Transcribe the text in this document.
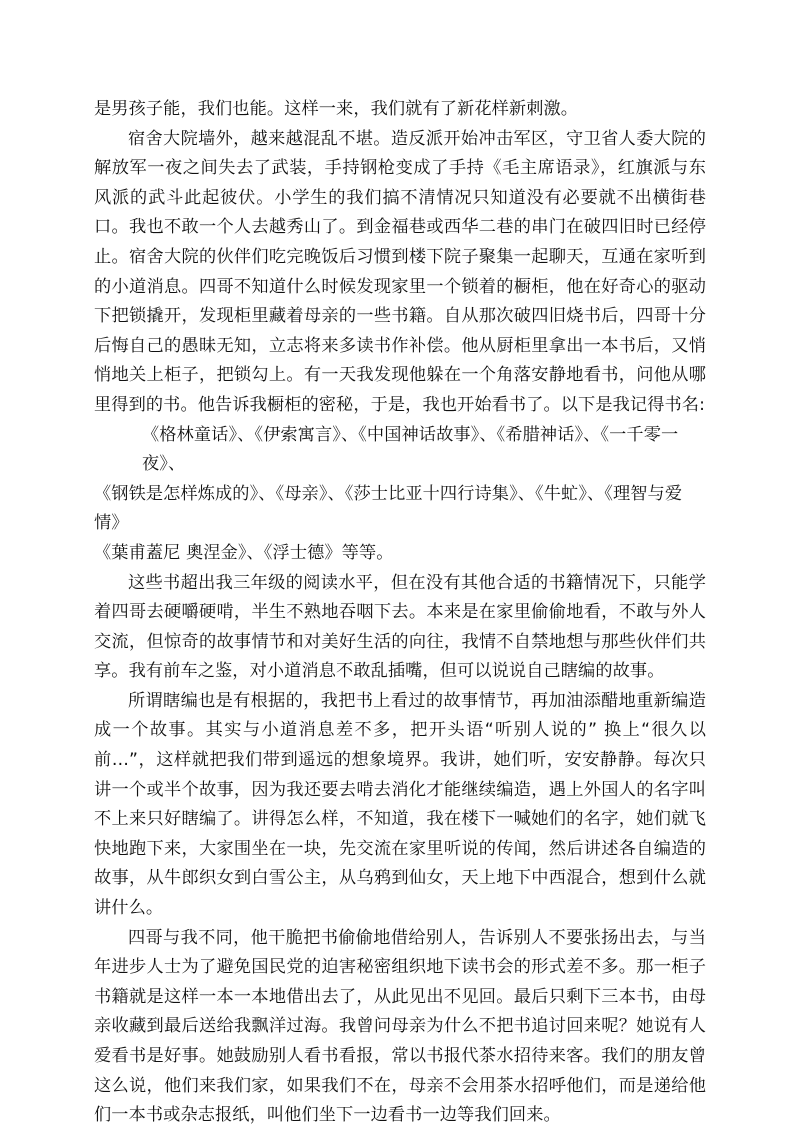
是男孩子能，我们也能。这样一来，我们就有了新花样新刺激。

宿舍大院墙外，越来越混乱不堪。造反派开始冲击军区，守卫省人委大院的解放军一夜之间失去了武装，手持钢枪变成了手持《毛主席语录》，红旗派与东风派的武斗此起彼伏。小学生的我们搞不清情况只知道没有必要就不出横街巷口。我也不敢一个人去越秀山了。到金福巷或西华二巷的串门在破四旧时已经停止。宿舍大院的伙伴们吃完晚饭后习惯到楼下院子聚集一起聊天，互通在家听到的小道消息。四哥不知道什么时候发现家里一个锁着的橱柜，他在好奇心的驱动下把锁撬开，发现柜里藏着母亲的一些书籍。自从那次破四旧烧书后，四哥十分后悔自己的愚昧无知，立志将来多读书作补偿。他从厨柜里拿出一本书后，又悄悄地关上柜子，把锁勾上。有一天我发现他躲在一个角落安静地看书，问他从哪里得到的书。他告诉我橱柜的密秘，于是，我也开始看书了。以下是我记得书名:

《格林童话》、《伊索寓言》、《中国神话故事》、《希腊神话》、《一千零一夜》、

《钢铁是怎样炼成的》、《母亲》、《莎士比亚十四行诗集》、《牛虻》、《理智与爱情》

《葉甫蓋尼 奧涅金》、《浮士德》等等。

这些书超出我三年级的阅读水平，但在没有其他合适的书籍情况下，只能学着四哥去硬嚼硬啃，半生不熟地吞咽下去。本来是在家里偷偷地看，不敢与外人交流，但惊奇的故事情节和对美好生活的向往，我情不自禁地想与那些伙伴们共享。我有前车之鉴，对小道消息不敢乱插嘴，但可以说说自己瞎编的故事。

所谓瞎编也是有根据的，我把书上看过的故事情节，再加油添醋地重新编造成一个故事。其实与小道消息差不多，把开头语“听别人说的” 换上“很久以前…”，这样就把我们带到遥远的想象境界。我讲，她们听，安安静静。每次只讲一个或半个故事，因为我还要去啃去消化才能继续编造，遇上外国人的名字叫不上来只好瞎编了。讲得怎么样，不知道，我在楼下一喊她们的名字，她们就飞快地跑下来，大家围坐在一块，先交流在家里听说的传闻，然后讲述各自编造的故事，从牛郎织女到白雪公主，从乌鸦到仙女，天上地下中西混合，想到什么就讲什么。

四哥与我不同，他干脆把书偷偷地借给别人，告诉别人不要张扬出去，与当年进步人士为了避免国民党的迫害秘密组织地下读书会的形式差不多。那一柜子书籍就是这样一本一本地借出去了，从此见出不见回。最后只剩下三本书，由母亲收藏到最后送给我飘洋过海。我曾问母亲为什么不把书追讨回来呢？她说有人爱看书是好事。她鼓励别人看书看报，常以书报代茶水招待来客。我们的朋友曾这么说，他们来我们家，如果我们不在，母亲不会用茶水招呼他们，而是递给他们一本书或杂志报纸，叫他们坐下一边看书一边等我们回来。
